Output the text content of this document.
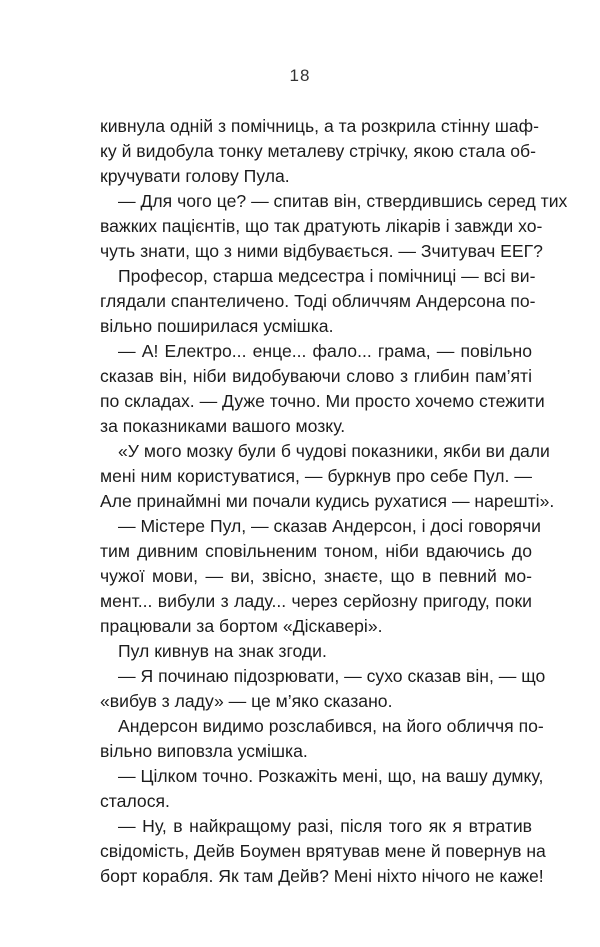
18
кивнула одній з помічниць, а та розкрила стінну шаф-
ку й видобула тонку металеву стрічку, якою стала об-
кручувати голову Пула.
— Для чого це? — спитав він, ствердившись серед тих
важких пацієнтів, що так дратують лікарів і завжди хо-
чуть знати, що з ними відбувається. — Зчитувач ЕЕГ?
Професор, старша медсестра і помічниці — всі ви-
глядали спантеличено. Тоді обличчям Андерсона по-
вільно поширилася усмішка.
— А! Електро... енце... фало... грама, — повільно
сказав він, ніби видобуваючи слово з глибин пам’яті
по складах. — Дуже точно. Ми просто хочемо стежити
за показниками вашого мозку.
«У мого мозку були б чудові показники, якби ви дали
мені ним користуватися, — буркнув про себе Пул. —
Але принаймні ми почали кудись рухатися — нарешті».
— Містере Пул, — сказав Андерсон, і досі говорячи
тим дивним сповільненим тоном, ніби вдаючись до
чужої мови, — ви, звісно, знаєте, що в певний мо-
мент... вибули з ладу... через серйозну пригоду, поки
працювали за бортом «Діскавері».
Пул кивнув на знак згоди.
— Я починаю підозрювати, — сухо сказав він, — що
«вибув з ладу» — це м’яко сказано.
Андерсон видимо розслабився, на його обличчя по-
вільно виповзла усмішка.
— Цілком точно. Розкажіть мені, що, на вашу думку,
сталося.
— Ну, в найкращому разі, після того як я втратив
свідомість, Дейв Боумен врятував мене й повернув на
борт корабля. Як там Дейв? Мені ніхто нічого не каже!
